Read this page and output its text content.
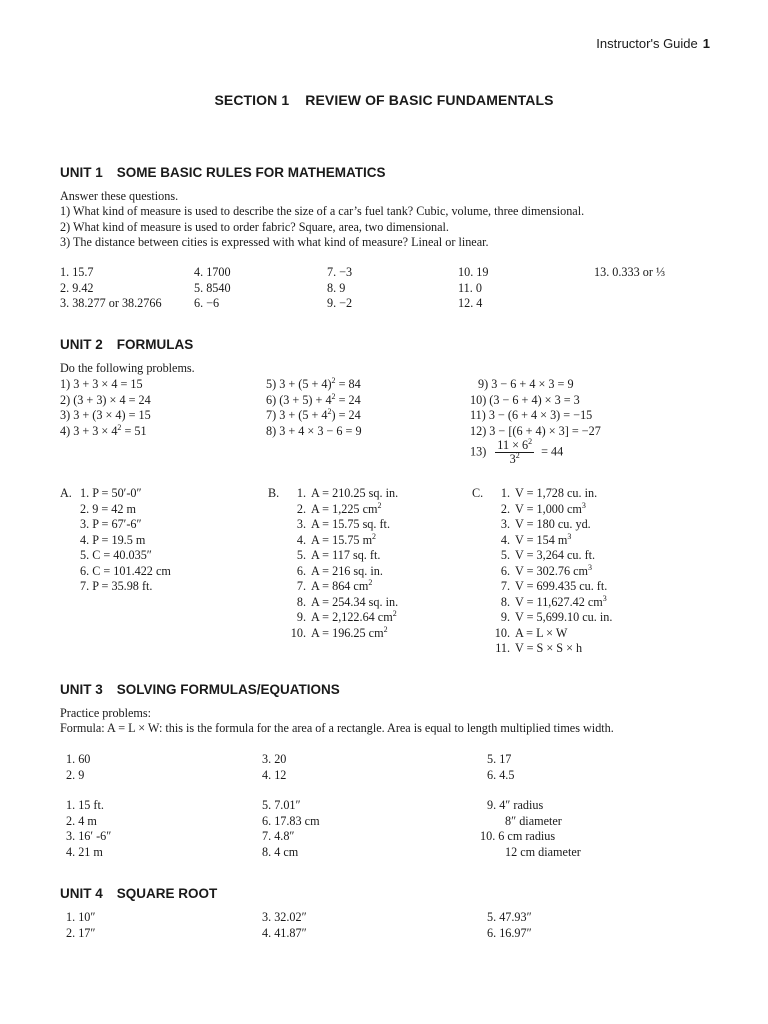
Instructor's Guide 1
SECTION 1 REVIEW OF BASIC FUNDAMENTALS
UNIT 1 SOME BASIC RULES FOR MATHEMATICS
Answer these questions.
1) What kind of measure is used to describe the size of a car’s fuel tank? Cubic, volume, three dimensional.
2) What kind of measure is used to order fabric? Square, area, two dimensional.
3) The distance between cities is expressed with what kind of measure? Lineal or linear.
1. 15.7
2. 9.42
3. 38.277 or 38.2766
4. 1700
5. 8540
6. −6
7. −3
8. 9
9. −2
10. 19
11. 0
12. 4
13. 0.333 or ⅓
UNIT 2 FORMULAS
Do the following problems.
1) 3 + 3 × 4 = 15
2) (3 + 3) × 4 = 24
3) 3 + (3 × 4) = 15
4) $3 + 3 \times 4^2 = 51$
5) $3 + (5 + 4)^2 = 84$
6) $(3 + 5) + 4^2 = 24$
7) $3 + (5 + 4^2) = 24$
8) 3 + 4 × 3 − 6 = 9
9) 3 − 6 + 4 × 3 = 9
10) (3 − 6 + 4) × 3 = 3
11) 3 − (6 + 4 × 3) = −15
12) 3 − [(6 + 4) × 3] = −27
$13) \frac{11 \times 6^2}{3^2} = 44$
A. 1. P = 50′-0″
2. 9 = 42 m
3. P = 67′-6″
4. P = 19.5 m
5. C = 40.035″
6. C = 101.422 cm
7. P = 35.98 ft.
B. 1. A = 210.25 sq. in.
2. A = 1,225 $cm^2$
3. A = 15.75 sq. ft.
4. A = 15.75 $m^2$
5. A = 117 sq. ft.
6. A = 216 sq. in.
7. A = 864 $cm^2$
8. A = 254.34 sq. in.
9. A = 2,122.64 $cm^2$
10. A = 196.25 $cm^2$
C. 1. V = 1,728 cu. in.
2. V = 1,000 $cm^3$
3. V = 180 cu. yd.
4. V = 154 $m^3$
5. V = 3,264 cu. ft.
6. V = 302.76 $cm^3$
7. V = 699.435 cu. ft.
8. V = 11,627.42 $cm^3$
9. V = 5,699.10 cu. in.
10. A = L × W
11. V = S × S × h
UNIT 3 SOLVING FORMULAS/EQUATIONS
Practice problems:
Formula: A = L × W: this is the formula for the area of a rectangle. Area is equal to length multiplied times width.
1. 60
2. 9
3. 20
4. 12
5. 17
6. 4.5
1. 15 ft.
2. 4 m
3. 16′ -6″
4. 21 m
5. 7.01″
6. 17.83 cm
7. 4.8″
8. 4 cm
9. 4″ radius
8″ diameter
10. 6 cm radius
12 cm diameter
UNIT 4 SQUARE ROOT
1. 10″
2. 17″
3. 32.02″
4. 41.87″
5. 47.93″
6. 16.97″
